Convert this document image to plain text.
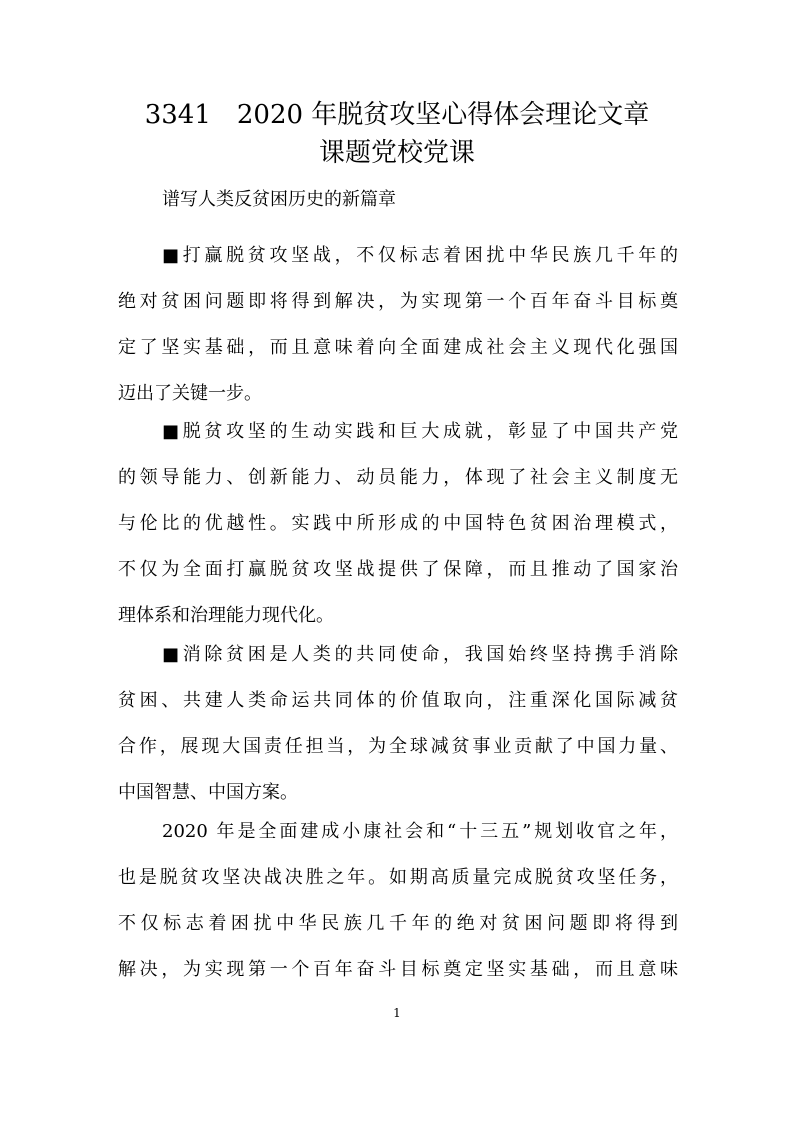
3341　2020 年脱贫攻坚心得体会理论文章
课题党校党课

谱写人类反贫困历史的新篇章

■打赢脱贫攻坚战，不仅标志着困扰中华民族几千年的
绝对贫困问题即将得到解决，为实现第一个百年奋斗目标奠
定了坚实基础，而且意味着向全面建成社会主义现代化强国
迈出了关键一步。
■脱贫攻坚的生动实践和巨大成就，彰显了中国共产党
的领导能力、创新能力、动员能力，体现了社会主义制度无
与伦比的优越性。实践中所形成的中国特色贫困治理模式，
不仅为全面打赢脱贫攻坚战提供了保障，而且推动了国家治
理体系和治理能力现代化。
■消除贫困是人类的共同使命，我国始终坚持携手消除
贫困、共建人类命运共同体的价值取向，注重深化国际减贫
合作，展现大国责任担当，为全球减贫事业贡献了中国力量、
中国智慧、中国方案。
2020 年是全面建成小康社会和“十三五”规划收官之年，
也是脱贫攻坚决战决胜之年。如期高质量完成脱贫攻坚任务，
不仅标志着困扰中华民族几千年的绝对贫困问题即将得到
解决，为实现第一个百年奋斗目标奠定坚实基础，而且意味
1
